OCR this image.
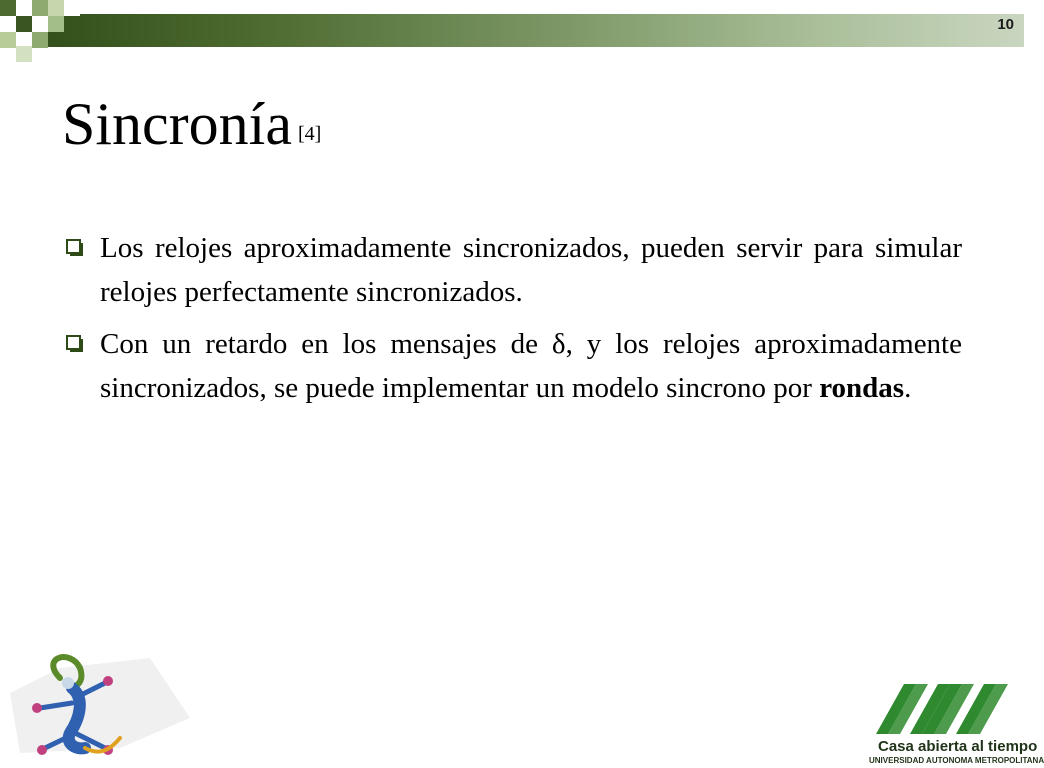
10
Sincronía [4]
Los relojes aproximadamente sincronizados, pueden servir para simular relojes perfectamente sincronizados.
Con un retardo en los mensajes de δ, y los relojes aproximadamente sincronizados, se puede implementar un modelo sincrono por rondas.
Casa abierta al tiempo
UNIVERSIDAD AUTONOMA METROPOLITANA
